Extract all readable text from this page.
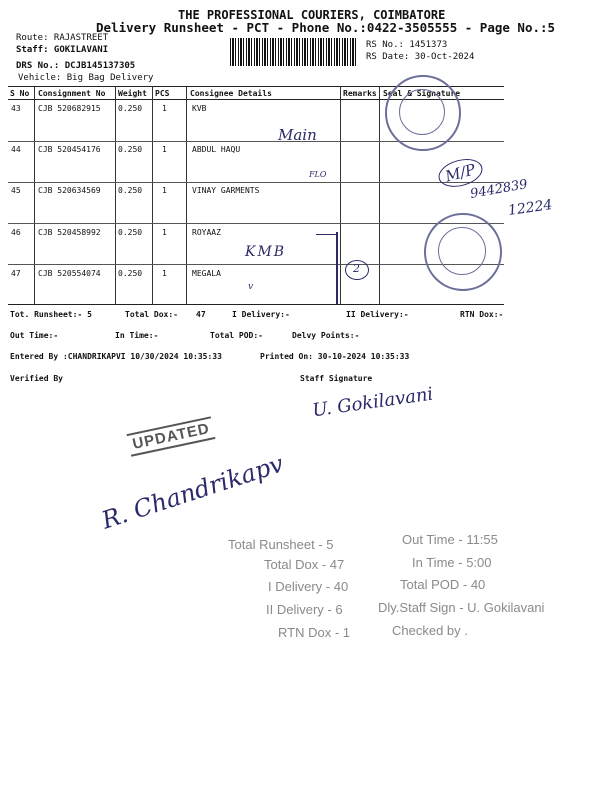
THE PROFESSIONAL COURIERS, COIMBATORE
Delivery Runsheet - PCT - Phone No.:0422-3505555 - Page No.:5
Route: RAJASTREET
Staff: GOKILAVANI
DRS No.: DCJB145137305
Vehicle: Big Bag Delivery
RS No.: 1451373
RS Date: 30-Oct-2024
S No Consignment No Weight PCS	Consignee Details	Remarks Seal & Signature
43 CJB 520682915 0.250 1	KVB
44 CJB 520454176 0.250 1	ABDUL HAQU
45 CJB 520634569 0.250 1	VINAY GARMENTS
46 CJB 520458992 0.250 1	ROYAAZ
47 CJB 520554074 0.250 1	MEGALA
Main
FLO
KMB
v
2
M/P
9442839
12224
Tot. Runsheet:- 5	Total Dox:- 47	I Delivery:-	II Delivery:-	RTN Dox:-
Out Time:-	In Time:-	Total POD:-	Delvy Points:-
Entered By :CHANDRIKAPVI 10/30/2024 10:35:33	Printed On: 30-10-2024 10:35:33
Verified By	Staff Signature
U. Gokilavani
R. Chandrikapv
UPDATED
Total Runsheet - 5
Total Dox - 47
I Delivery - 40
II Delivery - 6
RTN Dox - 1
Out Time - 11:55
In Time - 5:00
Total POD - 40
Dly.Staff Sign - U. Gokilavani
Checked by .
